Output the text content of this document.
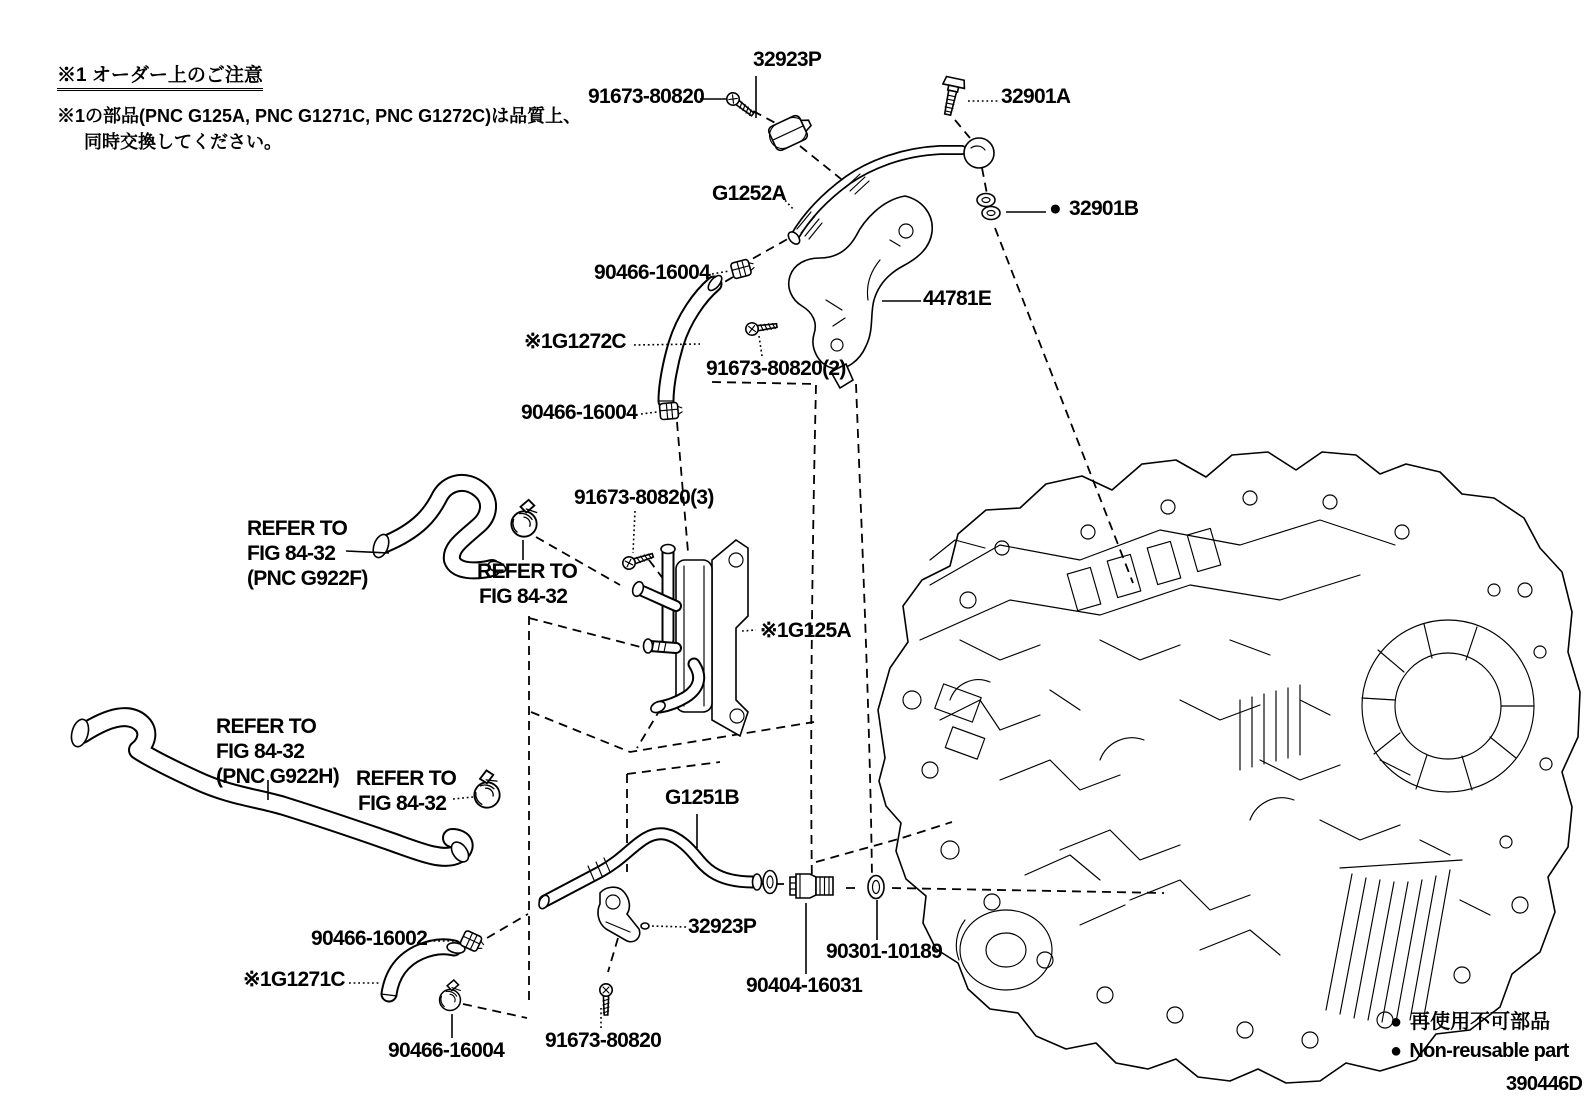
※1 オーダー上のご注意
※1の部品(PNC G125A, PNC G1271C, PNC G1272C)は品質上、
同時交換してください。
32923P
91673-80820	32901A
G1252A
● 32901B
90466-16004
44781E
※1G1272C
91673-80820(2)
90466-16004
91673-80820(3)
REFER TO
FIG 84-32
(PNC G922F)	REFER TO
FIG 84-32
※1G125A
REFER TO
FIG 84-32
(PNC G922H) REFER TO
FIG 84-32	G1251B
90466-16002
※1G1271C
32923P
90301-10189
90404-16031
90466-16004 91673-80820
● 再使用不可部品
● Non-reusable part
390446D
